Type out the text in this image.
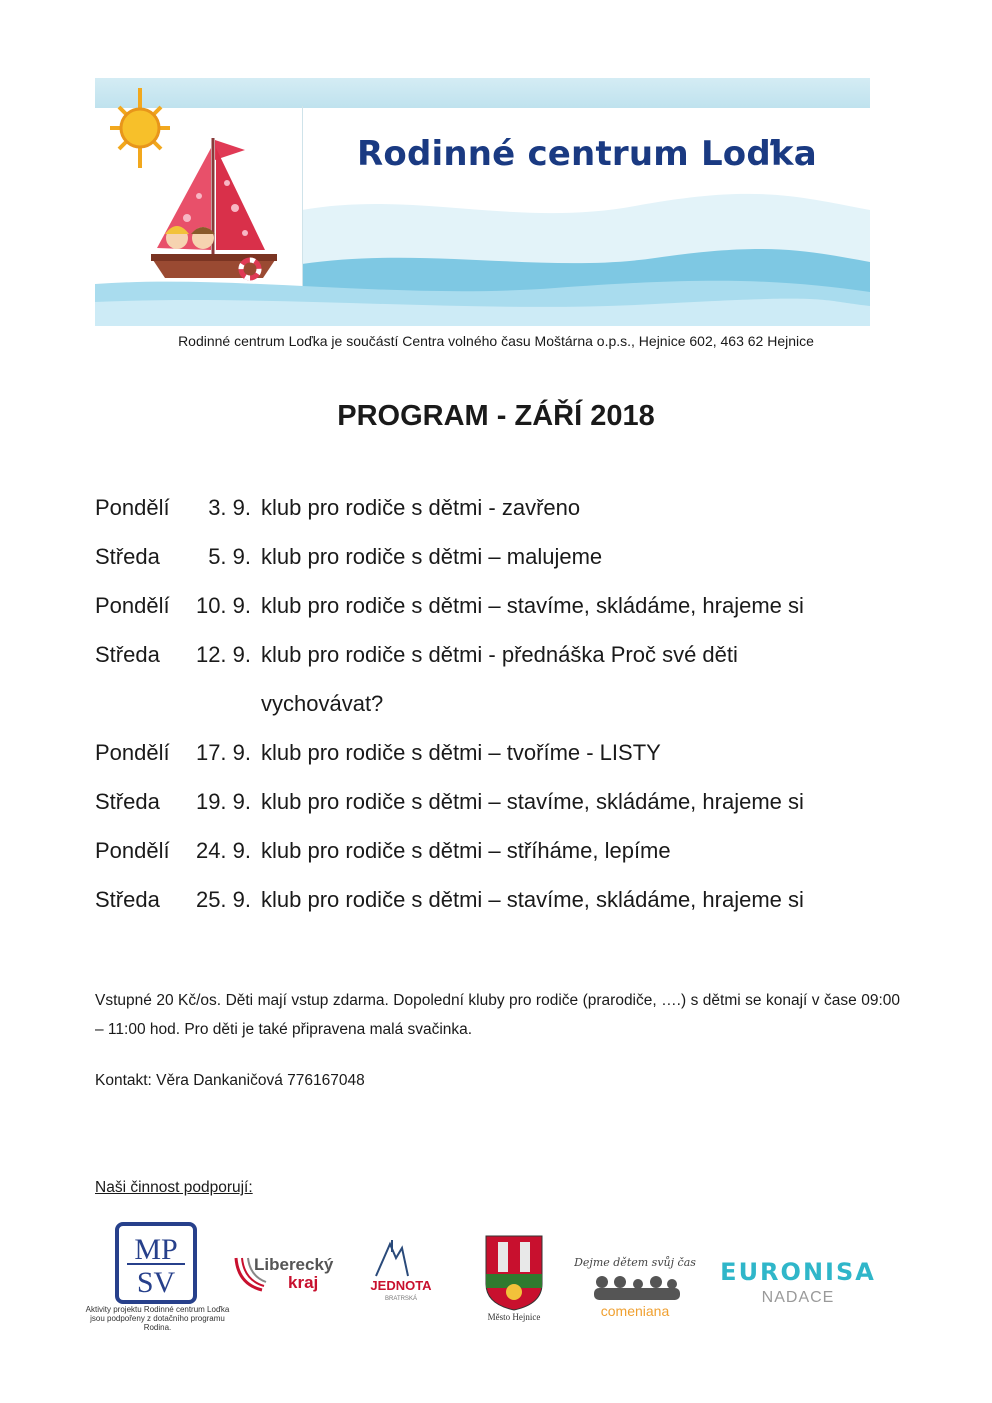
Rodinné centrum Loďka
Rodinné centrum Loďka je součástí Centra volného času Moštárna o.p.s., Hejnice 602, 463 62 Hejnice
PROGRAM - ZÁŘÍ 2018
Pondělí	3. 9. klub pro rodiče s dětmi - zavřeno
Středa	5. 9. klub pro rodiče s dětmi – malujeme
Pondělí	10. 9. klub pro rodiče s dětmi – stavíme, skládáme, hrajeme si
Středa	12. 9. klub pro rodiče s dětmi - přednáška Proč své děti
vychovávat?
Pondělí	17. 9. klub pro rodiče s dětmi – tvoříme - LISTY
Středa	19. 9. klub pro rodiče s dětmi – stavíme, skládáme, hrajeme si
Pondělí	24. 9. klub pro rodiče s dětmi – stříháme, lepíme
Středa	25. 9. klub pro rodiče s dětmi – stavíme, skládáme, hrajeme si
Vstupné 20 Kč/os. Děti mají vstup zdarma. Dopolední kluby pro rodiče (prarodiče, ….) s dětmi se konají v čase 09:00 – 11:00 hod. Pro děti je také připravena malá svačinka.
Kontakt: Věra Dankaničová 776167048
Naši činnost podporují:
MP
SV
Aktivity projektu Rodinné centrum Loďka jsou podpořeny z dotačního programu Rodina.
Liberecký
kraj	JEDNOTA
BRATRSKÁ
Město Hejnice
Dejme dětem svůj čas
comeniana
EURONISA
NADACE
